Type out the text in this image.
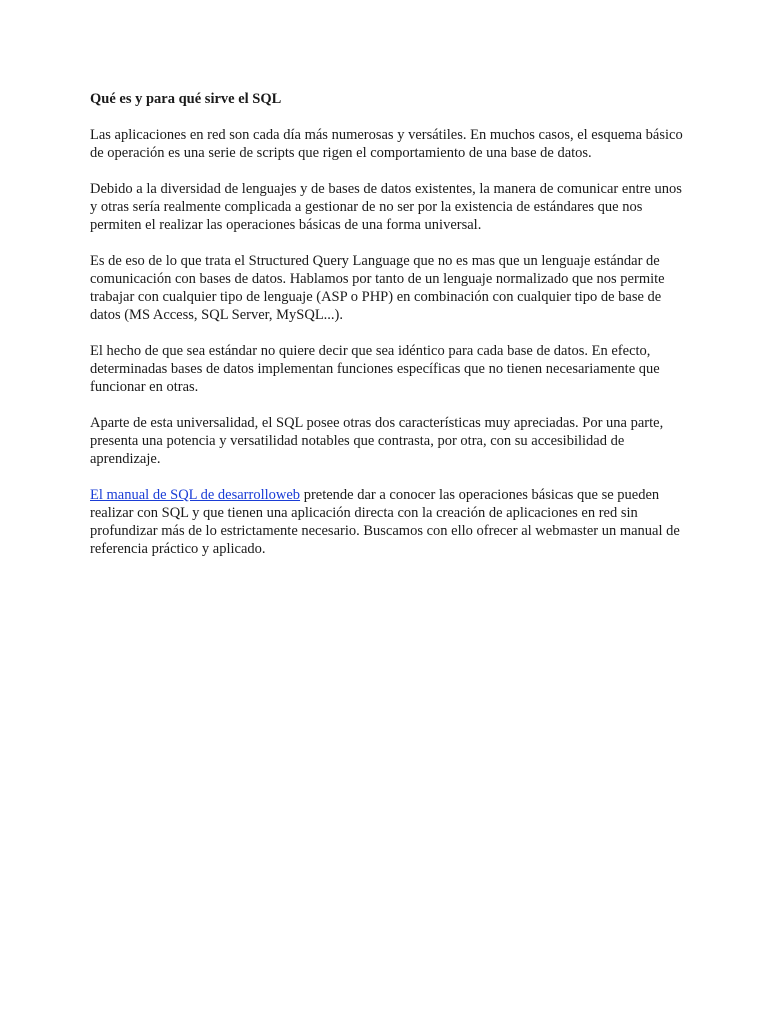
Qué es y para qué sirve el SQL

Las aplicaciones en red son cada día más numerosas y versátiles. En muchos casos, el esquema básico de operación es una serie de scripts que rigen el comportamiento de una base de datos.

Debido a la diversidad de lenguajes y de bases de datos existentes, la manera de comunicar entre unos y otras sería realmente complicada a gestionar de no ser por la existencia de estándares que nos permiten el realizar las operaciones básicas de una forma universal.

Es de eso de lo que trata el Structured Query Language que no es mas que un lenguaje estándar de comunicación con bases de datos. Hablamos por tanto de un lenguaje normalizado que nos permite trabajar con cualquier tipo de lenguaje (ASP o PHP) en combinación con cualquier tipo de base de datos (MS Access, SQL Server, MySQL...).

El hecho de que sea estándar no quiere decir que sea idéntico para cada base de datos. En efecto, determinadas bases de datos implementan funciones específicas que no tienen necesariamente que funcionar en otras.

Aparte de esta universalidad, el SQL posee otras dos características muy apreciadas. Por una parte, presenta una potencia y versatilidad notables que contrasta, por otra, con su accesibilidad de aprendizaje.

El manual de SQL de desarrolloweb pretende dar a conocer las operaciones básicas que se pueden realizar con SQL y que tienen una aplicación directa con la creación de aplicaciones en red sin profundizar más de lo estrictamente necesario. Buscamos con ello ofrecer al webmaster un manual de referencia práctico y aplicado.
